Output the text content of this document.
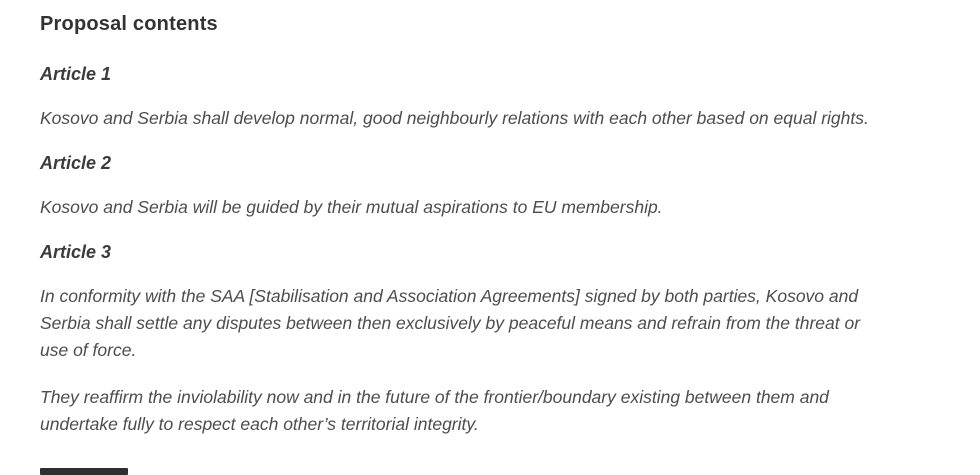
Proposal contents
Article 1

Kosovo and Serbia shall develop normal, good neighbourly relations with each other based on equal rights.

Article 2

Kosovo and Serbia will be guided by their mutual aspirations to EU membership.

Article 3

In conformity with the SAA [Stabilisation and Association Agreements] signed by both parties, Kosovo and Serbia shall settle any disputes between then exclusively by peaceful means and refrain from the threat or use of force.

They reaffirm the inviolability now and in the future of the frontier/boundary existing between them and undertake fully to respect each other’s territorial integrity.
